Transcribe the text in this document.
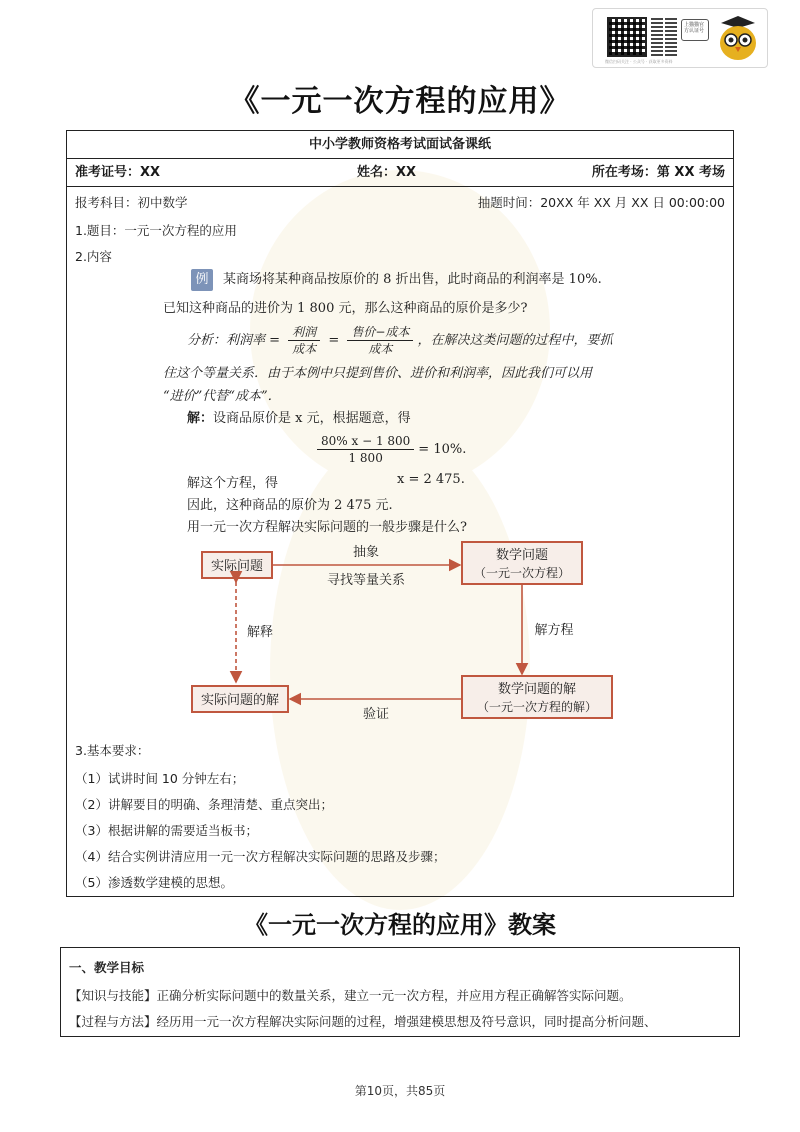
微信扫码关注 · 公众号 · 获取更多资料
上猫猫官方认证号
《一元一次方程的应用》
中小学教师资格考试面试备课纸
准考证号：XX	姓名：XX	所在考场：第 XX 考场
报考科目：初中数学	抽题时间：20XX 年 XX 月 XX 日 00:00:00
1.题目：一元一次方程的应用
2.内容
例 某商场将某种商品按原价的 8 折出售，此时商品的利润率是 10%.
已知这种商品的进价为 1 800 元，那么这种商品的原价是多少?
分析：利润率 = $\frac{\text{利润}}{\text{成本}} = \frac{\text{售价−成本}}{\text{成本}}$ ，在解决这类问题的过程中，要抓
住这个等量关系．由于本例中只提到售价、进价和利润率，因此我们可以用
“进价”代替“成本”．
解：设商品原价是 x 元，根据题意，得
$\frac{80\% x - 1 800}{1 800} = 10\%$.
解这个方程，得	x = 2 475.
因此，这种商品的原价为 2 475 元.
用一元一次方程解决实际问题的一般步骤是什么?
3.基本要求：
（1）试讲时间 10 分钟左右；
（2）讲解要目的明确、条理清楚、重点突出；
（3）根据讲解的需要适当板书；
（4）结合实例讲清应用一元一次方程解决实际问题的思路及步骤；
（5）渗透数学建模的思想。
实际问题
数学问题
（一元一次方程）
数学问题的解
（一元一次方程的解）
实际问题的解
抽象
寻找等量关系
解方程
验证
解释
《一元一次方程的应用》教案
一、教学目标
【知识与技能】正确分析实际问题中的数量关系，建立一元一次方程，并应用方程正确解答实际问题。
【过程与方法】经历用一元一次方程解决实际问题的过程，增强建模思想及符号意识，同时提高分析问题、
第10页，共85页
